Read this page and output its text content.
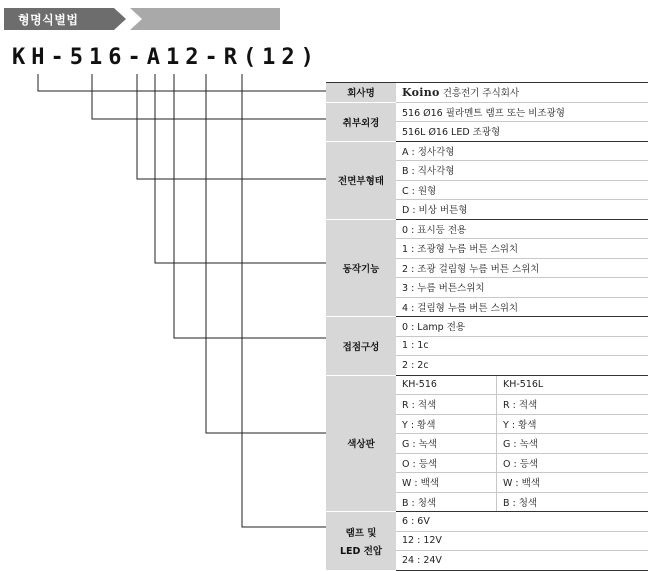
형명식별법
KH-516-A12-R(12)
회사명	Koino 건흥전기 주식회사	
취부외경	516 Ø16 필라멘트 램프 또는 비조광형	
	516L Ø16 LED 조광형	
전면부형태	A : 정사각형	
	B : 직사각형	
	C : 원형	
	D : 비상 버튼형	
동작기능	0 : 표시등 전용	
	1 : 조광형 누름 버튼 스위치	
	2 : 조광 걸림형 누름 버튼 스위치	
	3 : 누름 버튼스위치	
	4 : 걸림형 누름 버튼 스위치	
접점구성	0 : Lamp 전용	
	1 : 1c	
	2 : 2c	
색상판	KH-516	KH-516L
	R : 적색	R : 적색
	Y : 황색	Y : 황색
	G : 녹색	G : 녹색
	O : 등색	O : 등색
	W : 백색	W : 백색
	B : 청색	B : 청색

램프 및
LED 전압	6 : 6V	
	12 : 12V	
	24 : 24V	
